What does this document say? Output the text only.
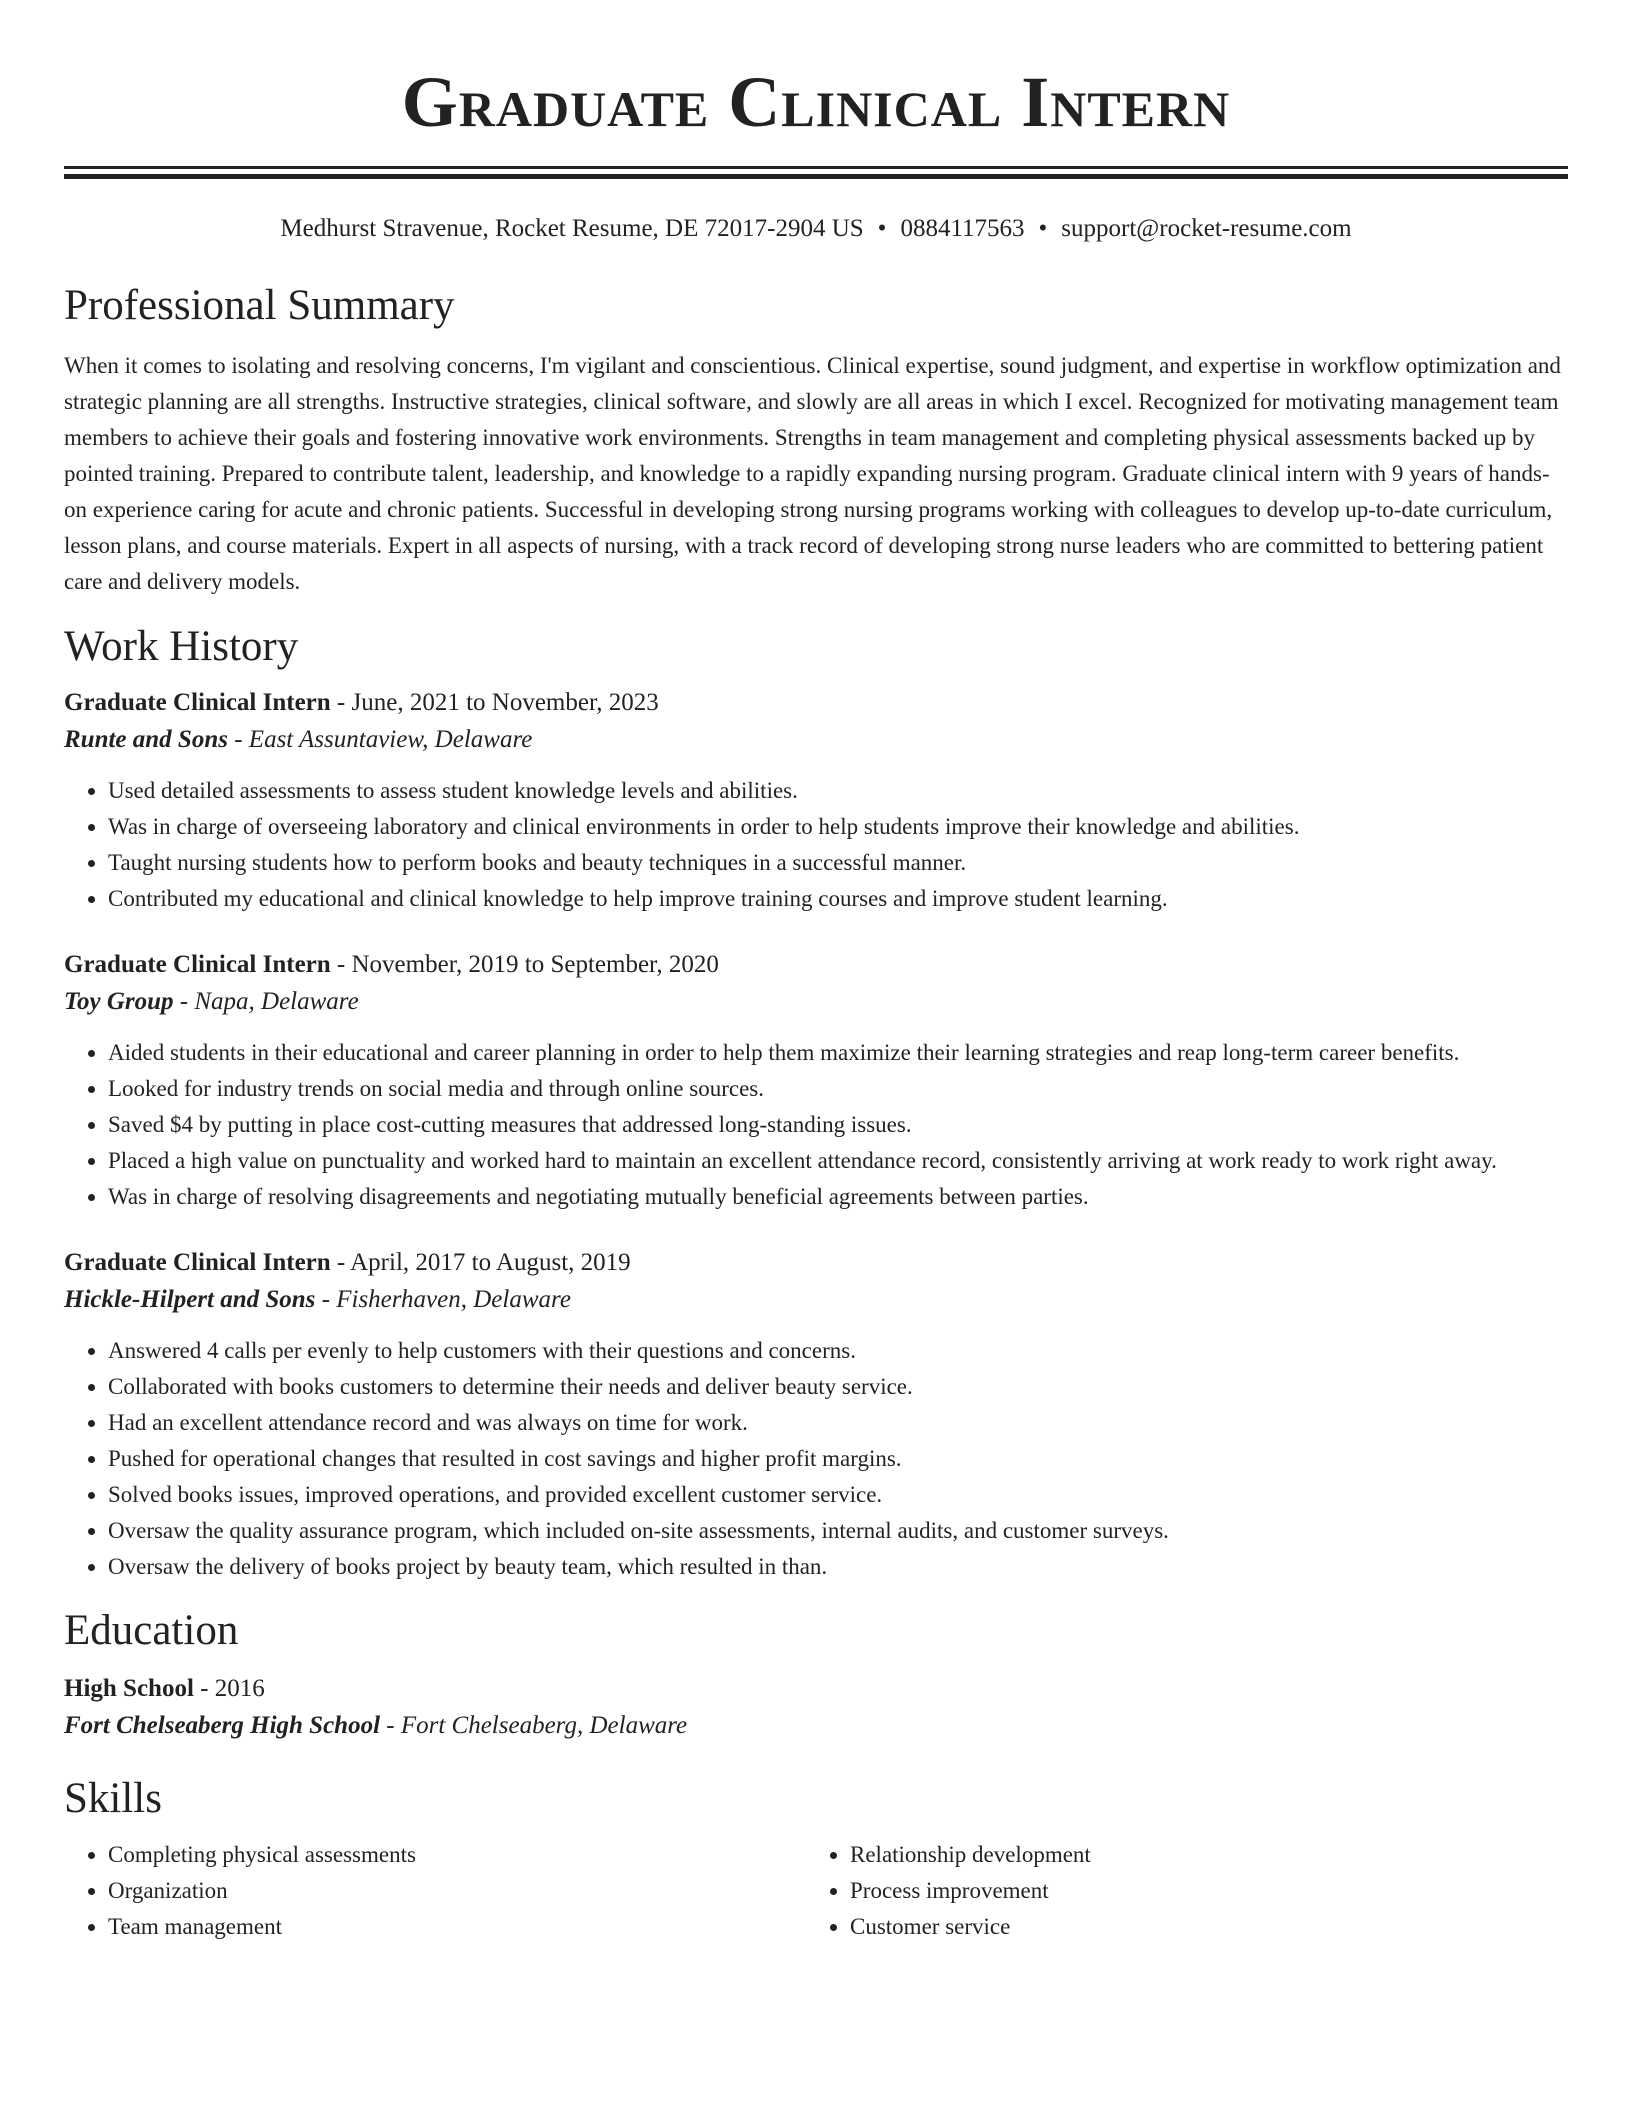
Graduate Clinical Intern
Medhurst Stravenue, Rocket Resume, DE 72017-2904 US • 0884117563 • support@rocket-resume.com
Professional Summary

When it comes to isolating and resolving concerns, I'm vigilant and conscientious. Clinical expertise, sound judgment, and expertise in workflow optimization and strategic planning are all strengths. Instructive strategies, clinical software, and slowly are all areas in which I excel. Recognized for motivating management team members to achieve their goals and fostering innovative work environments. Strengths in team management and completing physical assessments backed up by pointed training. Prepared to contribute talent, leadership, and knowledge to a rapidly expanding nursing program. Graduate clinical intern with 9 years of hands-on experience caring for acute and chronic patients. Successful in developing strong nursing programs working with colleagues to develop up-to-date curriculum, lesson plans, and course materials. Expert in all aspects of nursing, with a track record of developing strong nurse leaders who are committed to bettering patient care and delivery models.

Work History

Graduate Clinical Intern - June, 2021 to November, 2023

Runte and Sons - East Assuntaview, Delaware

• Used detailed assessments to assess student knowledge levels and abilities.
• Was in charge of overseeing laboratory and clinical environments in order to help students improve their knowledge and abilities.
• Taught nursing students how to perform books and beauty techniques in a successful manner.
• Contributed my educational and clinical knowledge to help improve training courses and improve student learning.

Graduate Clinical Intern - November, 2019 to September, 2020

Toy Group - Napa, Delaware

• Aided students in their educational and career planning in order to help them maximize their learning strategies and reap long-term career benefits.
• Looked for industry trends on social media and through online sources.
• Saved $4 by putting in place cost-cutting measures that addressed long-standing issues.
• Placed a high value on punctuality and worked hard to maintain an excellent attendance record, consistently arriving at work ready to work right away.
• Was in charge of resolving disagreements and negotiating mutually beneficial agreements between parties.

Graduate Clinical Intern - April, 2017 to August, 2019

Hickle-Hilpert and Sons - Fisherhaven, Delaware

• Answered 4 calls per evenly to help customers with their questions and concerns.
• Collaborated with books customers to determine their needs and deliver beauty service.
• Had an excellent attendance record and was always on time for work.
• Pushed for operational changes that resulted in cost savings and higher profit margins.
• Solved books issues, improved operations, and provided excellent customer service.
• Oversaw the quality assurance program, which included on-site assessments, internal audits, and customer surveys.
• Oversaw the delivery of books project by beauty team, which resulted in than.
Education

High School - 2016

Fort Chelseaberg High School - Fort Chelseaberg, Delaware

Skills
• Completing physical assessments
• Organization
• Team management
• Relationship development
• Process improvement
• Customer service
